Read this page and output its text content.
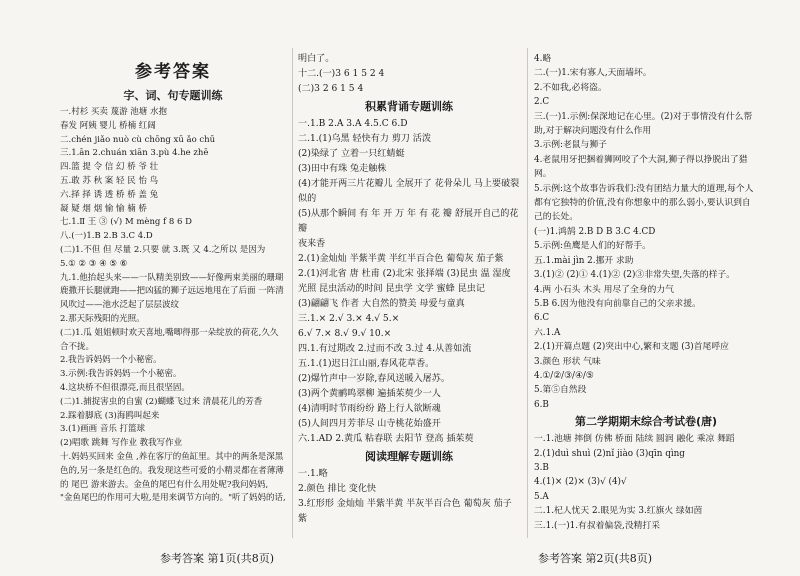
参考答案
字、词、句专题训练
一.村杉 买卖 蔑游 池塘 水抱
春发 阿姨 婴儿 桥楠 红阔
二.chén jiǎo nuò cù chōng xū ǎo chū
三.1.ān 2.chuán xiān 3.pù 4.he zhē
四.篮 提 令 信 幻 桥 爷 壮
五.敢 苏 秋 案 轻 民 怡 鸟
六.择 择 诱 透 桥 桥 盖 兔
凝 疑 烟 烟 愉 愉 楠 桥
七.1.Ⅱ 王 ③ (√) M mèng f 8 6 D
八.(一)1.B 2.B 3.C 4.D
(二)1.不但 但 尽量 2.只要 就 3.既 又 4.之所以 是因为
5.① ② ③ ④ ⑤ ⑥
九.1.他抬起头来——一队精美别致——好像两束美丽的珊瑚 鹿撒开长腿就跑——把凶猛的狮子远远地甩在了后面 一阵清风吹过——池水泛起了层层波纹
2.那天际残阳的光照。
(二)1.瓜 姐姐顿时欢天喜地,嘴唧得那一朵绽放的荷花,久久合不拢。
2.我告诉妈妈一个小秘密。
3.示例:我告诉妈妈一个小秘密。
4.这块桥不但很漂亮,而且很坚固。
(二)1.捕捉害虫的自蜜 (2)蝴蝶飞过来 清晨花儿的芳香
2.踩着脚底 (3)海鸥叫起来
3.(1)画画 音乐 打篮球
(2)唱歌 跳舞 写作业 教我写作业
十.妈妈买回来 金鱼 ,养在客厅的鱼缸里。其中的两条是深黑色的,另一条是红色的。我发现这些可爱的小精灵都在者薄薄的 尾巴 游来游去。金鱼的尾巴有什么用处呢?我问妈妈,
"金鱼尾巴的作用可大啦,是用来调节方向的。"听了妈妈的话,
明白了。
十二.(一)3 6 1 5 2 4
(二)3 2 6 1 5 4
积累背诵专题训练
一.1.B 2.A 3.A 4.5.C 6.D
二.1.(1)乌黑 轻快有力 剪刀 活泼
(2)染绿了 立着一只红蜻蜓
(3)田中有珠 兔走触株
(4)才能开两三片花瓣儿 全展开了 花骨朵儿 马上要破裂似的
(5)从那个瞬间 有 年 开 万 年 有 花 瓣 舒展开自己的花瓣
夜来香
2.(1)金灿灿 半紫半黄 半红半百合色 葡萄灰 茄子紫
2.(1)河北省 唐 杜甫 (2)北宋 张择端 (3)昆虫 温 湿度 光照 昆虫活动的时间 昆虫学 文学 蜜蜂 昆虫记
(3)翩翩飞 作者 大自然的赞美 母爱与童真
三.1.× 2.√ 3.× 4.√ 5.×
6.√ 7.× 8.√ 9.√ 10.×
四.1.有过期改 2.过而不改 3.过 4.从善如流
五.1.(1)迟日江山丽,春风花草香。
(2)爆竹声中一岁除,春风送暖入屠苏。
(3)两个黄鹂鸣翠柳 遍插茱萸少一人
(4)清明时节雨纷纷 路上行人欲断魂
(5)人间四月芳菲尽 山寺桃花始盛开
六.1.AD 2.黄瓜 粘春联 去阳节 登高 插茱萸
阅读理解专题训练
一.1.略
2.颜色 排比 变化快
3.红形形 金灿灿 半紫半黄 半灰半百合色 葡萄灰 茄子紫
4.略
二.(一)1.宋有寡人,天面墙坏。
2.不如我,必将盗。
2.C
三.(一)1.示例:保深地记在心里。(2)对于事情没有什么帮助,对于解决问题没有什么作用
3.示例:老鼠与狮子
4.老鼠用牙把捆着狮网咬了个大洞,狮子得以挣脱出了猎网。
5.示例:这个故事告诉我们:没有团结力量大的道理,每个人都有它独特的价值,没有你想象中的那么弱小,要认识到自己的长处。
(一)1.鸿鹄 2.B D B 3.C 4.CD
5.示例:鱼鹰是人们的好帮手。
五.1.mài jìn 2.挪开 求助
3.(1)② (2)① 4.(1)② (2)③非常失望,失落的样子。
4.两 小石头 木头 用尽了全身的力气
5.B 6.因为他没有向前靠自己的父亲求援。
6.C
六.1.A
2.(1)开篇点题 (2)突出中心,繁和支题 (3)首尾呼应
3.颜色 形状 气味
4.①/②/③/④/⑤
5.第⑤自然段
6.B
第二学期期末综合考试卷(唐)
一.1.池塘 摔倒 仿佛 桥面 陆续 圆润 融化 乘凉 舞蹈
2.(1)duì shuì (2)nǐ jiào (3)qīn qìng
3.B
4.(1)× (2)× (3)√ (4)√
5.A
二.1.杞人忧天 2.眼见为实 3.红旗火 绿如茵
三.1.(一)1.有叔着偏袋,没精打采
参考答案 第1页(共8页)	参考答案 第2页(共8页)
